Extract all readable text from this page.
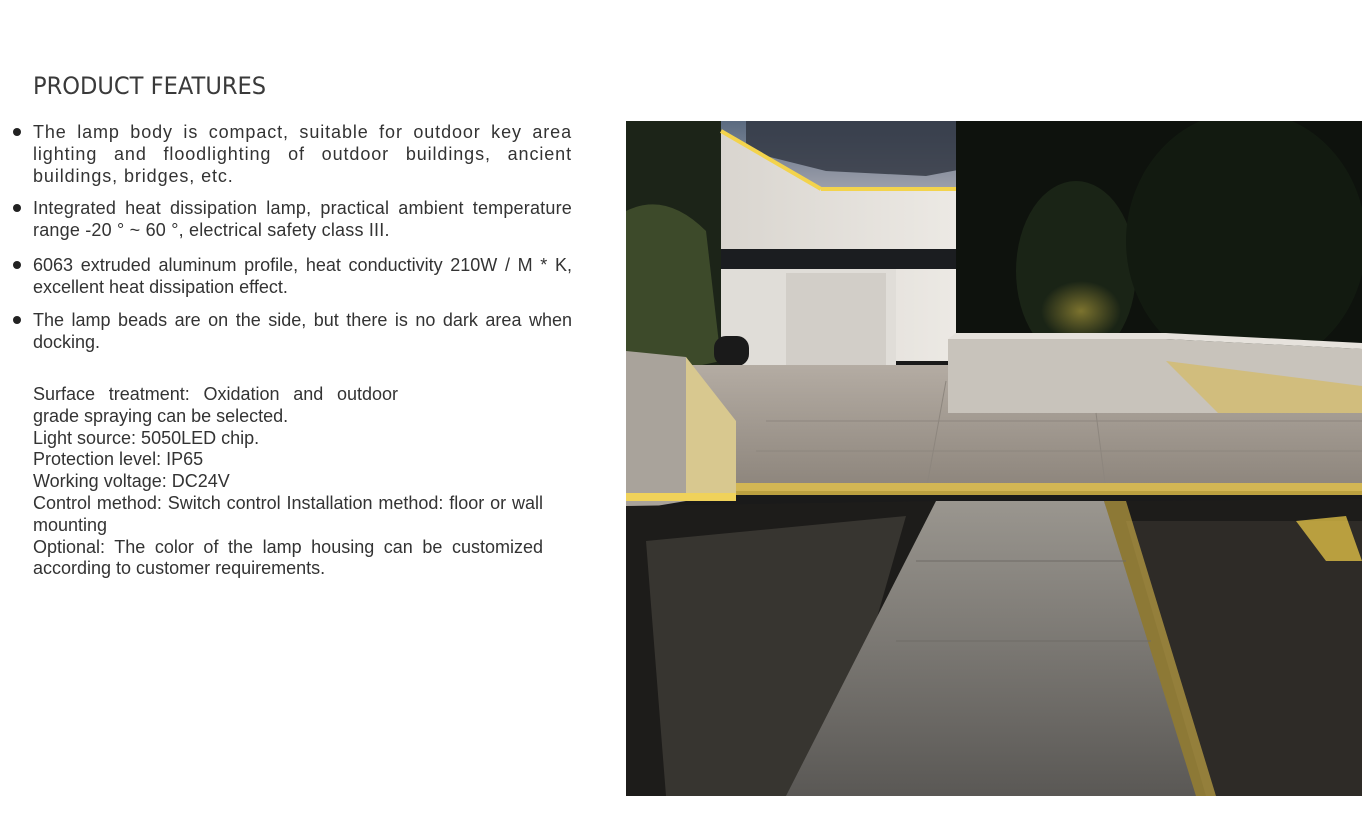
PRODUCT FEATURES
The lamp body is compact, suitable for outdoor key area lighting and floodlighting of outdoor buildings, ancient buildings, bridges, etc.
Integrated heat dissipation lamp, practical ambient temperature range -20 ° ~ 60 °, electrical safety class III.
6063 extruded aluminum profile, heat conductivity 210W / M * K, excellent heat dissipation effect.
The lamp beads are on the side, but there is no dark area when docking.
Surface treatment: Oxidation and outdoor grade spraying can be selected.
Light source: 5050LED chip.
Protection level: IP65
Working voltage: DC24V
Control method: Switch control Installation method: floor or wall mounting
Optional: The color of the lamp housing can be customized according to customer requirements.
